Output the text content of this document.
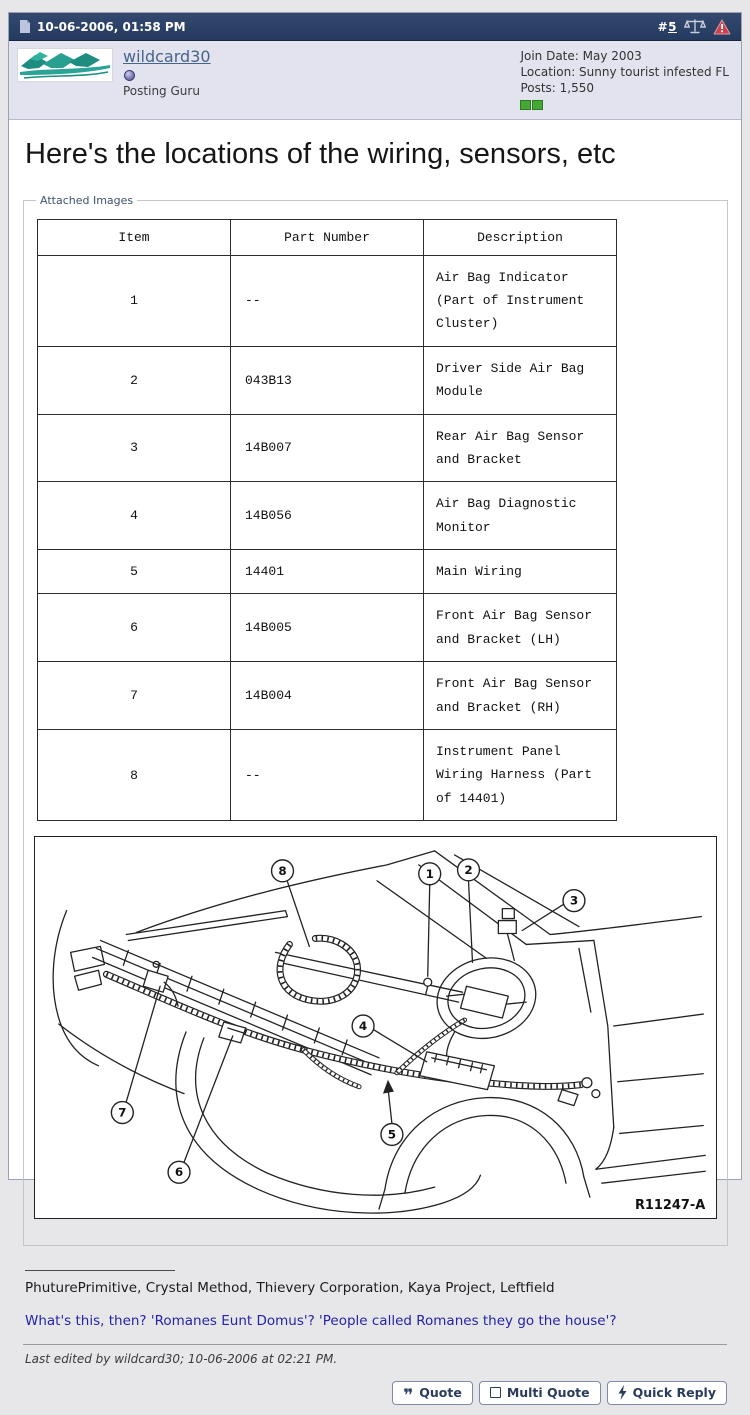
10-06-2006, 01:58 PM	#5
wildcard30
Posting Guru
Join Date: May 2003
Location: Sunny tourist infested FL
Posts: 1,550
Here's the locations of the wiring, sensors, etc
Attached Images
Item	Part Number	Description
1	--	Air Bag Indicator (Part of Instrument Cluster)
2	043B13	Driver Side Air Bag Module
3	14B007	Rear Air Bag Sensor and Bracket
4	14B056	Air Bag Diagnostic Monitor
5	14401	Main Wiring
6	14B005	Front Air Bag Sensor and Bracket (LH)
7	14B004	Front Air Bag Sensor and Bracket (RH)
8	--	Instrument Panel Wiring Harness (Part of 14401)
1	2
3
4
5
6
7
8
R11247-A
PhuturePrimitive, Crystal Method, Thievery Corporation, Kaya Project, Leftfield
What's this, then? 'Romanes Eunt Domus'? 'People called Romanes they go the house'?
Last edited by wildcard30; 10-06-2006 at 02:21 PM.
❞ Quote	Multi Quote	Quick Reply
